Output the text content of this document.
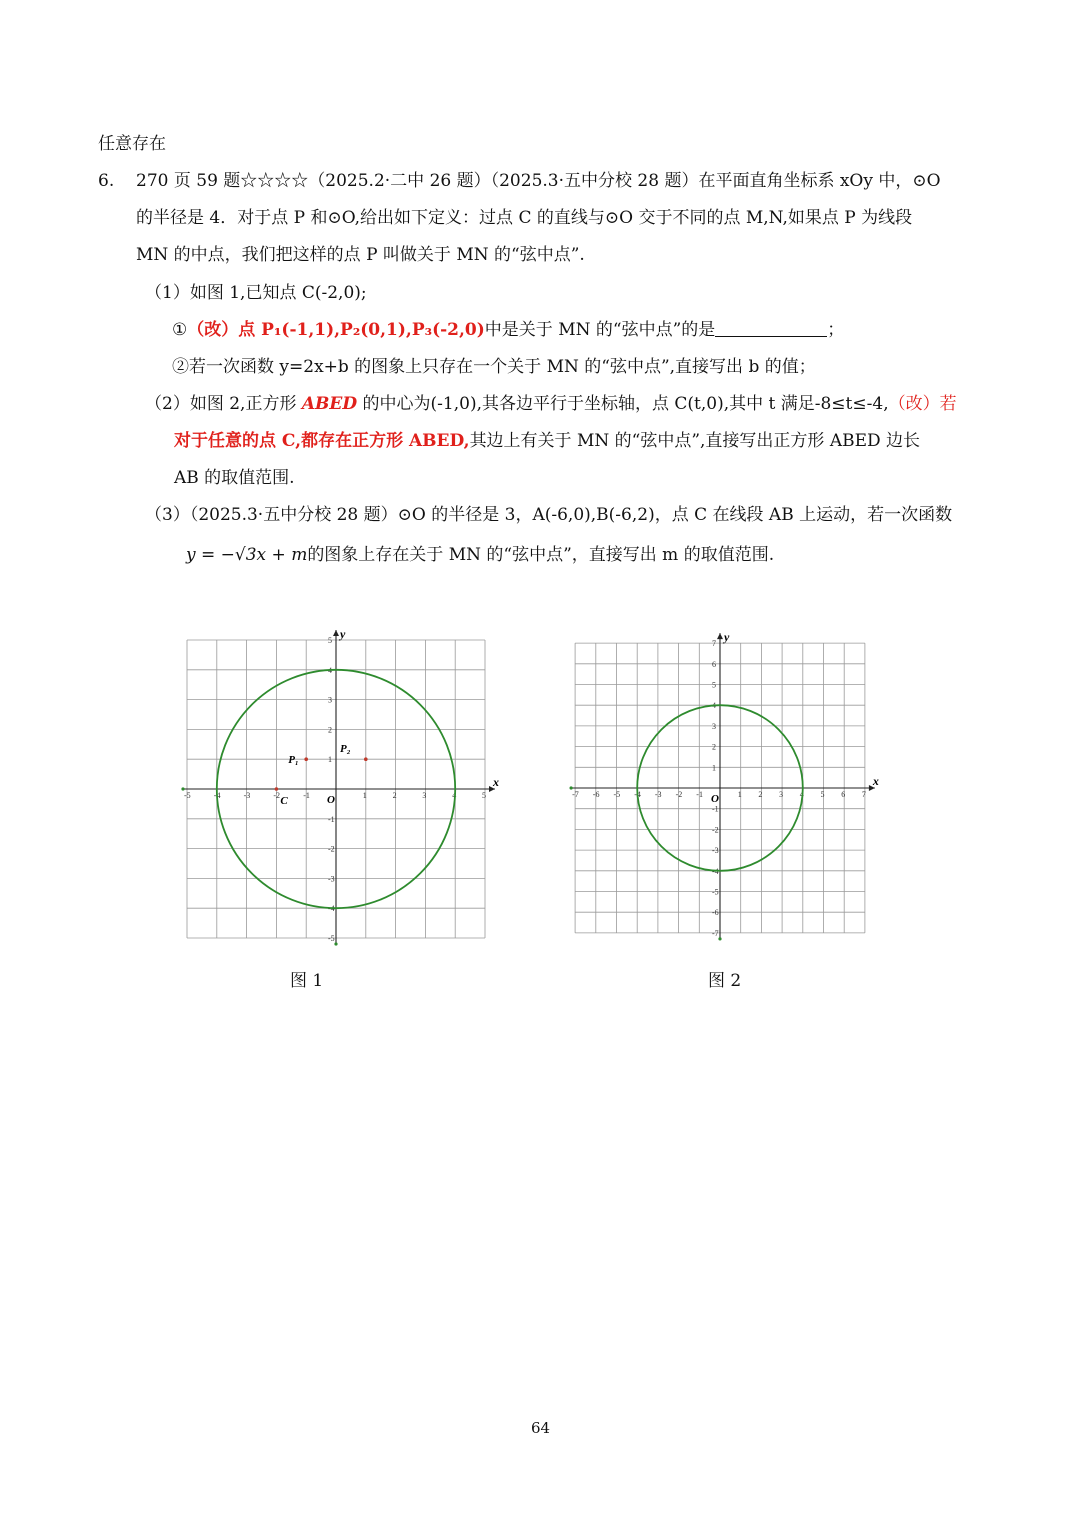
任意存在
6. 270 页 59 题☆☆☆☆（2025.2·二中 26 题）（2025.3·五中分校 28 题）在平面直角坐标系 xOy 中，⊙O
的半径是 4．对于点 P 和⊙O,给出如下定义：过点 C 的直线与⊙O 交于不同的点 M,N,如果点 P 为线段
MN 的中点，我们把这样的点 P 叫做关于 MN 的“弦中点”.
（1）如图 1,已知点 C(-2,0);
①（改）点 P₁(-1,1),P₂(0,1),P₃(-2,0)中是关于 MN 的“弦中点”的是	；
②若一次函数 y=2x+b 的图象上只存在一个关于 MN 的“弦中点”,直接写出 b 的值；
（2）如图 2,正方形 ABED 的中心为(-1,0),其各边平行于坐标轴，点 C(t,0),其中 t 满足-8≤t≤-4,（改）若
对于任意的点 C,都存在正方形 ABED,其边上有关于 MN 的“弦中点”,直接写出正方形 ABED 边长
AB 的取值范围.
（3）（2025.3·五中分校 28 题）⊙O 的半径是 3，A(-6,0),B(-6,2)，点 C 在线段 AB 上运动，若一次函数
y = −√3x + m的图象上存在关于 MN 的“弦中点”，直接写出 m 的取值范围.
x
y
O
-5	-4	-3	-2	-1	1	2	3	4	5
5
4
3
2
1
-1
-2
-3
-4
-5
P₁
P₂
C
图 1
x
y
O
-7 -6 -5 -4 -3 -2 -1	1 2 3 4 5 6 7
7
6
5
4
3
2
1
-1
-2
-3
-4
-5
-6
-7
图 2
64
